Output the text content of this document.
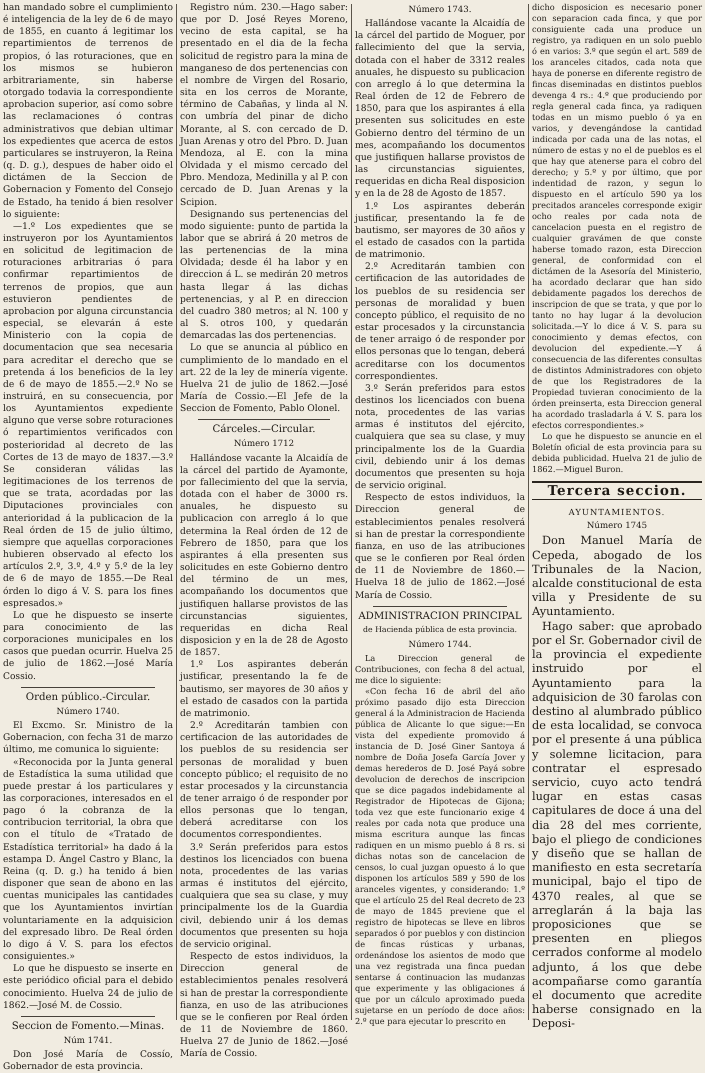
han mandado sobre el cumplimiento é inteligencia de la ley de 6 de mayo de 1855, en cuanto á legitimar los repartimientos de terrenos de propios, ó las roturaciones, que en los mismos se hubieron arbitrariamente, sin haberse otorgado todavia la correspondiente aprobacion superior, así como sobre las reclamaciones ó contras administrativos que debian ultimar los expedientes que acerca de estos particulares se instruyeron, la Reina (q. D. g.), despues de haber oido el dictámen de la Seccion de Gobernacion y Fomento del Consejo de Estado, ha tenido á bien resolver lo siguiente:

—1.º Los expedientes que se instruyeron por los Ayuntamientos en solicitud de legitimacion de roturaciones arbitrarias ó para confirmar repartimientos de terrenos de propios, que aun estuvieron pendientes de aprobacion por alguna circunstancia especial, se elevarán á este Ministerio con la copia de documentacion que sea necesaria para acreditar el derecho que se pretenda á los beneficios de la ley de 6 de mayo de 1855.—2.º No se instruirá, en su consecuencia, por los Ayuntamientos expediente alguno que verse sobre roturaciones ó repartimientos verificados con posterioridad al decreto de las Cortes de 13 de mayo de 1837.—3.º Se consideran válidas las legitimaciones de los terrenos de que se trata, acordadas por las Diputaciones provinciales con anterioridad á la publicacion de la Real órden de 15 de julio último, siempre que aquellas corporaciones hubieren observado al efecto los artículos 2.º, 3.º, 4.º y 5.º de la ley de 6 de mayo de 1855.—De Real órden lo digo á V. S. para los fines espresados.»

Lo que he dispuesto se inserte para conocimiento de las corporaciones municipales en los casos que puedan ocurrir. Huelva 25 de julio de 1862.—José María Cossio.

Orden público.-Circular.
Número 1740.

El Excmo. Sr. Ministro de la Gobernacion, con fecha 31 de marzo último, me comunica lo siguiente:

«Reconocida por la Junta general de Estadística la suma utilidad que puede prestar á los particulares y las corporaciones, interesados en el pago ó la cobranza de la contribucion territorial, la obra que con el título de «Tratado de Estadística territorial» ha dado á la estampa D. Ángel Castro y Blanc, la Reina (q. D. g.) ha tenido á bien disponer que sean de abono en las cuentas municipales las cantidades que los Ayuntamientos invirtían voluntariamente en la adquisicion del expresado libro. De Real órden lo digo á V. S. para los efectos consiguientes.»

Lo que he dispuesto se inserte en este periódico oficial para el debido conocimiento. Huelva 24 de julio de 1862.—José M. de Cossio.

Seccion de Fomento.—Minas.
Núm 1741.

Don José María de Cossío, Gobernador de esta provincia.

Registro núm. 230.—Hago saber: que por D. José Reyes Moreno, vecino de esta capital, se ha presentado en el dia de la fecha solicitud de registro para la mina de manganeso de dos pertenencias con el nombre de Virgen del Rosario, sita en los cerros de Morante, término de Cabañas, y linda al N. con umbría del pinar de dicho Morante, al S. con cercado de D. Juan Arenas y otro del Pbro. D. Juan Mendoza, al E. con la mina Olvidada y el mismo cercado del Pbro. Mendoza, Medinilla y al P. con cercado de D. Juan Arenas y la Scipion.

Designando sus pertenencias del modo siguiente: punto de partida la labor que se abrirá á 20 metros de las pertenencias de la mina Olvidada; desde él ha labor y en direccion á L. se medirán 20 metros hasta llegar á las dichas pertenencias, y al P. en direccion del cuadro 380 metros; al N. 100 y al S. otros 100, y quedarán demarcadas las dos pertenencias.

Lo que se anuncia al público en cumplimiento de lo mandado en el art. 22 de la ley de minería vigente. Huelva 21 de julio de 1862.—José María de Cossio.—El Jefe de la Seccion de Fomento, Pablo Olonel.

Cárceles.—Circular.
Número 1712

Hallándose vacante la Alcaidía de la cárcel del partido de Ayamonte, por fallecimiento del que la servia, dotada con el haber de 3000 rs. anuales, he dispuesto su publicacion con arreglo á lo que determina la Real órden de 12 de Febrero de 1850, para que los aspirantes á ella presenten sus solicitudes en este Gobierno dentro del término de un mes, acompañando los documentos que justifiquen hallarse provistos de las circunstancias siguientes, requeridas en dicha Real disposicion y en la de 28 de Agosto de 1857.

1.º Los aspirantes deberán justificar, presentando la fe de bautismo, ser mayores de 30 años y el estado de casados con la partida de matrimonio.

2.º Acreditarán tambien con certificacion de las autoridades de los pueblos de su residencia ser personas de moralidad y buen concepto público; el requisito de no estar procesados y la circunstancia de tener arraigo ó de responder por ellos personas que lo tengan, deberá acreditarse con los documentos correspondientes.

3.º Serán preferidos para estos destinos los licenciados con buena nota, procedentes de las varias armas é institutos del ejército, cualquiera que sea su clase, y muy principalmente los de la Guardia civil, debiendo unir á los demas documentos que presenten su hoja de servicio original.

Respecto de estos individuos, la Direccion general de establecimientos penales resolverá si han de prestar la correspondiente fianza, en uso de las atribuciones que se le confieren por Real órden de 11 de Noviembre de 1860. Huelva 27 de Junio de 1862.—José María de Cossio.

Número 1743.

Hallándose vacante la Alcaidía de la cárcel del partido de Moguer, por fallecimiento del que la servia, dotada con el haber de 3312 reales anuales, he dispuesto su publicacion con arreglo á lo que determina la Real órden de 12 de Febrero de 1850, para que los aspirantes á ella presenten sus solicitudes en este Gobierno dentro del término de un mes, acompañando los documentos que justifiquen hallarse provistos de las circunstancias siguientes, requeridas en dicha Real disposicion y en la de 28 de Agosto de 1857.

1.º Los aspirantes deberán justificar, presentando la fe de bautismo, ser mayores de 30 años y el estado de casados con la partida de matrimonio.

2.º Acreditarán tambien con certificacion de las autoridades de los pueblos de su residencia ser personas de moralidad y buen concepto público, el requisito de no estar procesados y la circunstancia de tener arraigo ó de responder por ellos personas que lo tengan, deberá acreditarse con los documentos correspondientes.

3.º Serán preferidos para estos destinos los licenciados con buena nota, procedentes de las varias armas é institutos del ejército, cualquiera que sea su clase, y muy principalmente los de la Guardia civil, debiendo unir á los demas documentos que presenten su hoja de servicio original.

Respecto de estos individuos, la Direccion general de establecimientos penales resolverá si han de prestar la correspondiente fianza, en uso de las atribuciones que se le confieren por Real órden de 11 de Noviembre de 1860.—Huelva 18 de julio de 1862.—José María de Cossio.

ADMINISTRACION PRINCIPAL
de Hacienda pública de esta provincia.
Número 1744.

La Direccion general de Contribuciones, con fecha 8 del actual, me dice lo siguiente:

«Con fecha 16 de abril del año próximo pasado dijo esta Direccion general á la Administracion de Hacienda pública de Alicante lo que sigue:—En vista del expediente promovido á instancia de D. José Giner Santoya á nombre de Doña Josefa García Jover y demas herederos de D. José Payá sobre devolucion de derechos de inscripcion que se dice pagados indebidamente al Registrador de Hipotecas de Gijona; toda vez que este funcionario exige 4 reales por cada nota que produce una misma escritura aunque las fincas radiquen en un mismo pueblo á 8 rs. si dichas notas son de cancelacion de censos, lo cual juzgan opuesto á lo que disponen los artículos 589 y 590 de los aranceles vigentes, y considerando: 1.º que el artículo 25 del Real decreto de 23 de mayo de 1845 previene que el registro de hipotecas se lleve en libros separados ó por pueblos y con distincion de fincas rústicas y urbanas, ordenándose los asientos de modo que una vez registrada una finca puedan sentarse á continuacion las mudanzas que experimente y las obligaciones á que por un cálculo aproximado pueda sujetarse en un período de doce años: 2.º que para ejecutar lo prescrito en

dicho disposicion es necesario poner con separacion cada finca, y que por consiguiente cada una produce un registro, ya radiquen en un solo pueblo ó en varios: 3.º que según el art. 589 de los aranceles citados, cada nota que haya de ponerse en diferente registro de fincas diseminadas en distintos pueblos devenga 4 rs.: 4.º que produciendo por regla general cada finca, ya radiquen todas en un mismo pueblo ó ya en varios, y devengándose la cantidad indicada por cada una de las notas, el número de estas y no el de pueblos es el que hay que atenerse para el cobro del derecho; y 5.º y por último, que por indentidad de razon, y segun lo dispuesto en el artículo 590 ya los precitados aranceles corresponde exigir ocho reales por cada nota de cancelacion puesta en el registro de cualquier gravámen de que conste haberse tomado razon, esta Direccion general, de conformidad con el dictámen de la Asesoría del Ministerio, ha acordado declarar que han sido debidamente pagados los derechos de inscripcion de que se trata, y que por lo tanto no hay lugar á la devolucion solicitada.—Y lo dice á V. S. para su conocimiento y demas efectos, con devolucion del expediente.—Y á consecuencia de las diferentes consultas de distintos Administradores con objeto de que los Registradores de la Propiedad tuvieran conocimiento de la órden preinserta, esta Direccion general ha acordado trasladarla á V. S. para los efectos correspondientes.»

Lo que he dispuesto se anuncie en el Boletín oficial de esta provincia para su debida publicidad. Huelva 21 de julio de 1862.—Miguel Buron.

Tercera seccion.
AYUNTAMIENTOS.
Número 1745

Don Manuel María de Cepeda, abogado de los Tribunales de la Nacion, alcalde constitucional de esta villa y Presidente de su Ayuntamiento.

Hago saber: que aprobado por el Sr. Gobernador civil de la provincia el expediente instruido por el Ayuntamiento para la adquisicion de 30 farolas con destino al alumbrado público de esta localidad, se convoca por el presente á una pública y solemne licitacion, para contratar el espresado servicio, cuyo acto tendrá lugar en estas casas capitulares de doce á una del dia 28 del mes corriente, bajo el pliego de condiciones y diseño que se hallan de manifiesto en esta secretaría municipal, bajo el tipo de 4370 reales, al que se arreglarán á la baja las proposiciones que se presenten en pliegos cerrados conforme al modelo adjunto, á los que debe acompañarse como garantía el documento que acredite haberse consignado en la Deposi-
